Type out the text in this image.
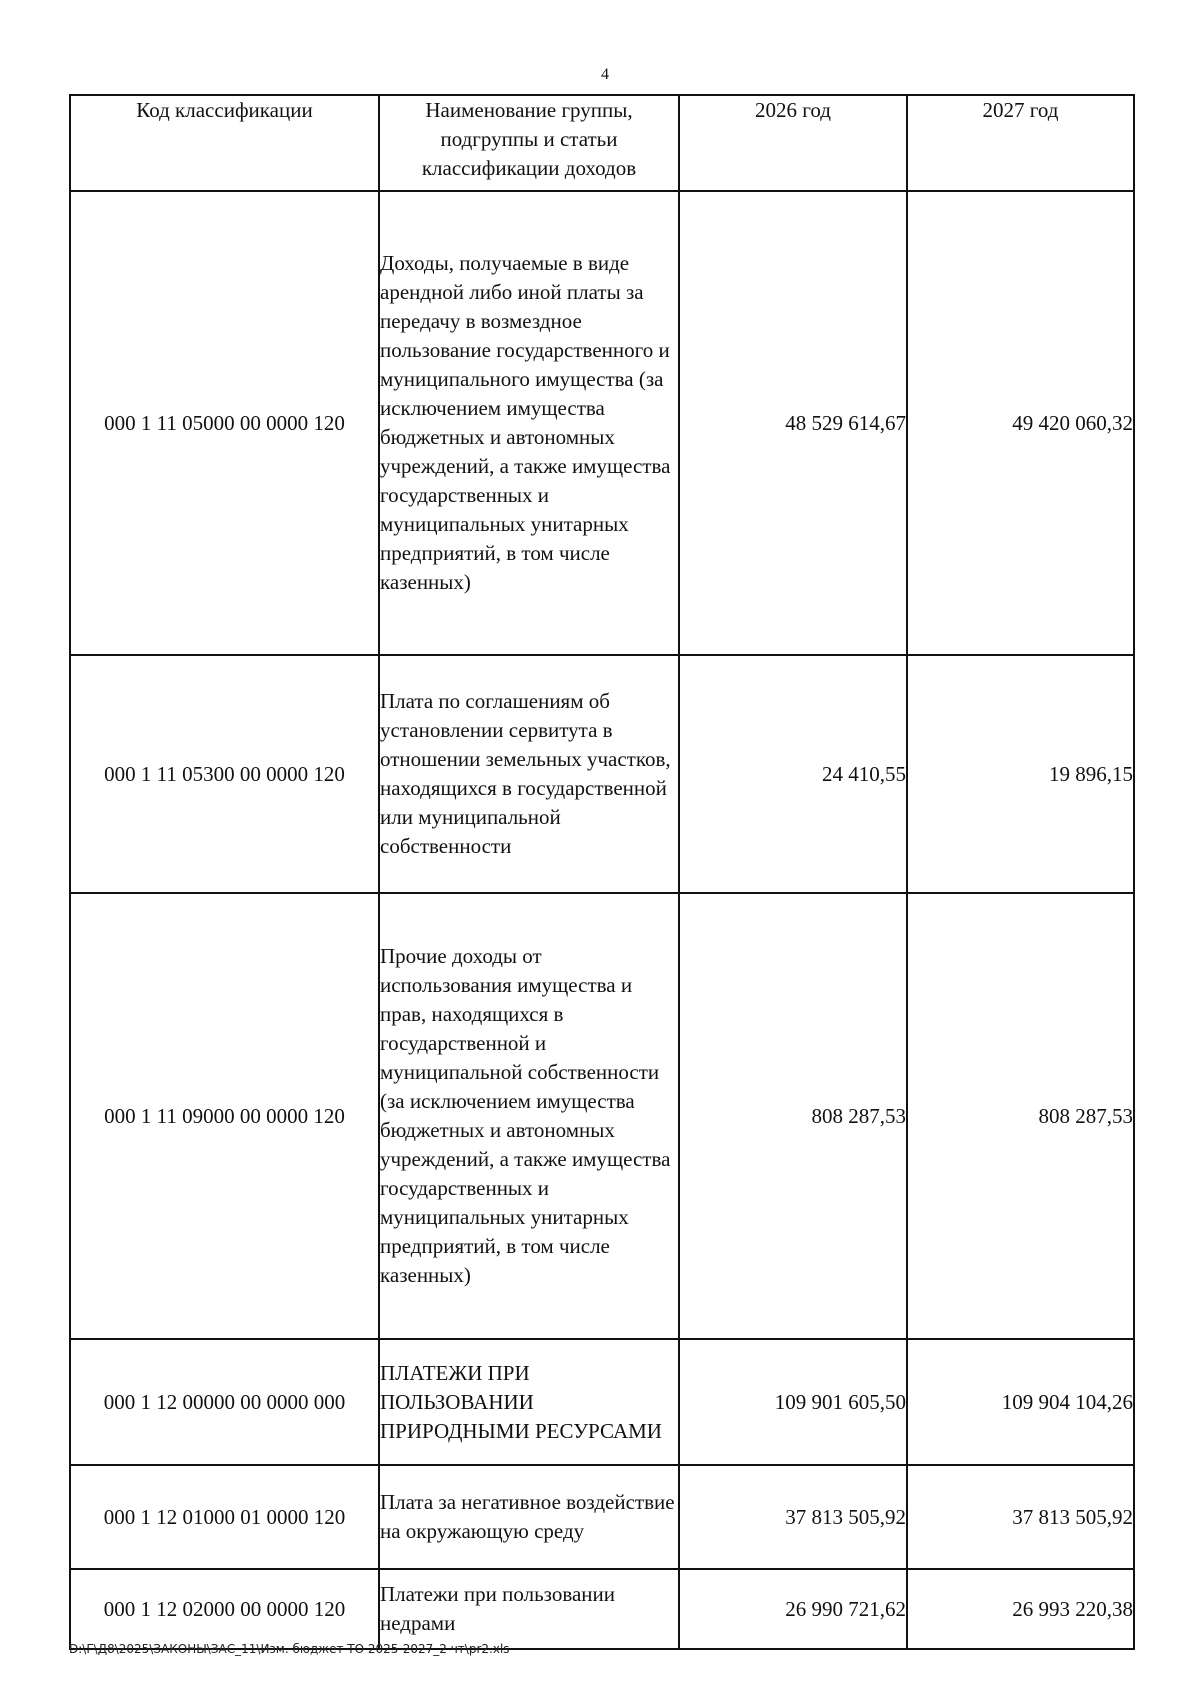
4
Код классификации	Наименование группы, подгруппы и статьи классификации доходов	2026 год	2027 год
000 1 11 05000 00 0000 120	Доходы, получаемые в виде арендной либо иной платы за передачу в возмездное пользование государственного и муниципального имущества (за исключением имущества бюджетных и автономных учреждений, а также имущества государственных и муниципальных унитарных предприятий, в том числе казенных)	48 529 614,67	49 420 060,32
000 1 11 05300 00 0000 120	Плата по соглашениям об установлении сервитута в отношении земельных участков, находящихся в государственной или муниципальной собственности	24 410,55	19 896,15
000 1 11 09000 00 0000 120	Прочие доходы от использования имущества и прав, находящихся в государственной и муниципальной собственности (за исключением имущества бюджетных и автономных учреждений, а также имущества государственных и муниципальных унитарных предприятий, в том числе казенных)	808 287,53	808 287,53
000 1 12 00000 00 0000 000	ПЛАТЕЖИ ПРИ ПОЛЬЗОВАНИИ ПРИРОДНЫМИ РЕСУРСАМИ	109 901 605,50	109 904 104,26
000 1 12 01000 01 0000 120	Плата за негативное воздействие на окружающую среду	37 813 505,92	37 813 505,92
000 1 12 02000 00 0000 120	Платежи при пользовании недрами	26 990 721,62	26 993 220,38
D:\Г\Д8\2025\ЗАКОНЫ\ЗАС_11\Изм. бюджет ТО 2025-2027_2 чт\pr2.xls
